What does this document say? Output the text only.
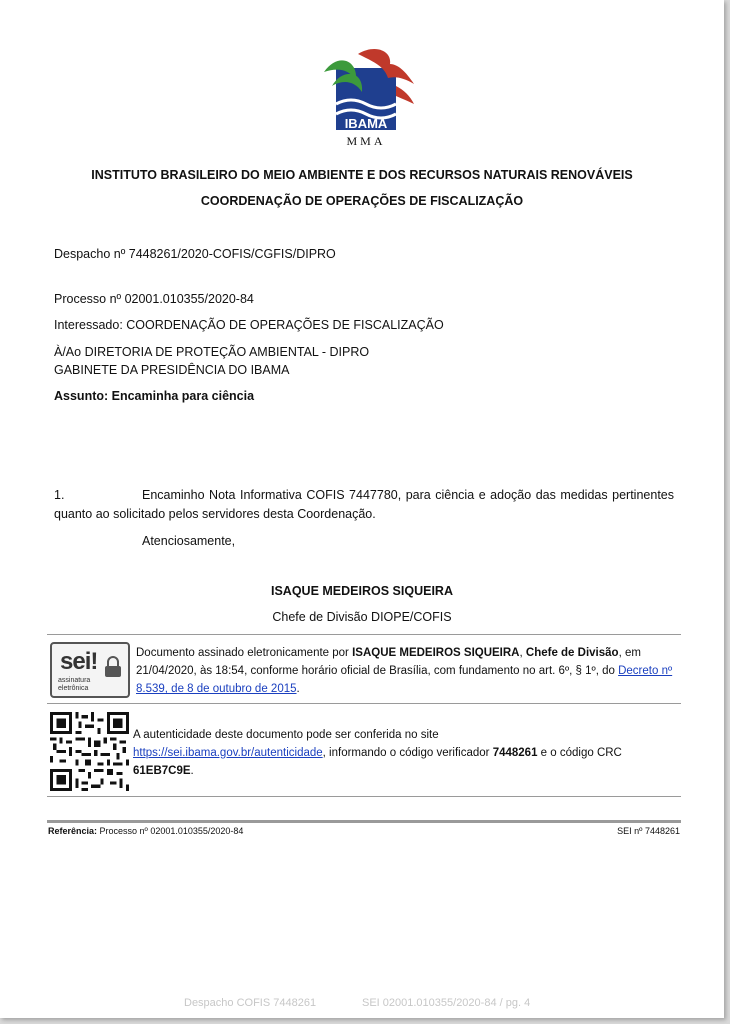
IBAMA
MMA
INSTITUTO BRASILEIRO DO MEIO AMBIENTE E DOS RECURSOS NATURAIS RENOVÁVEIS
COORDENAÇÃO DE OPERAÇÕES DE FISCALIZAÇÃO
Despacho nº 7448261/2020-COFIS/CGFIS/DIPRO
Processo nº 02001.010355/2020-84
Interessado: COORDENAÇÃO DE OPERAÇÕES DE FISCALIZAÇÃO
À/Ao DIRETORIA DE PROTEÇÃO AMBIENTAL - DIPRO
GABINETE DA PRESIDÊNCIA DO IBAMA
Assunto: Encaminha para ciência
1.	Encaminho Nota Informativa COFIS 7447780, para ciência e adoção das medidas pertinentes quanto ao solicitado pelos servidores desta Coordenação.
Atenciosamente,
ISAQUE MEDEIROS SIQUEIRA
Chefe de Divisão DIOPE/COFIS
sei!
assinatura
eletrônica
Documento assinado eletronicamente por ISAQUE MEDEIROS SIQUEIRA, Chefe de Divisão, em 21/04/2020, às 18:54, conforme horário oficial de Brasília, com fundamento no art. 6º, § 1º, do Decreto nº 8.539, de 8 de outubro de 2015.
A autenticidade deste documento pode ser conferida no site
https://sei.ibama.gov.br/autenticidade, informando o código verificador 7448261 e o código CRC 61EB7C9E.
Referência: Processo nº 02001.010355/2020-84	SEI nº 7448261
Despacho COFIS 7448261	SEI 02001.010355/2020-84 / pg. 4
